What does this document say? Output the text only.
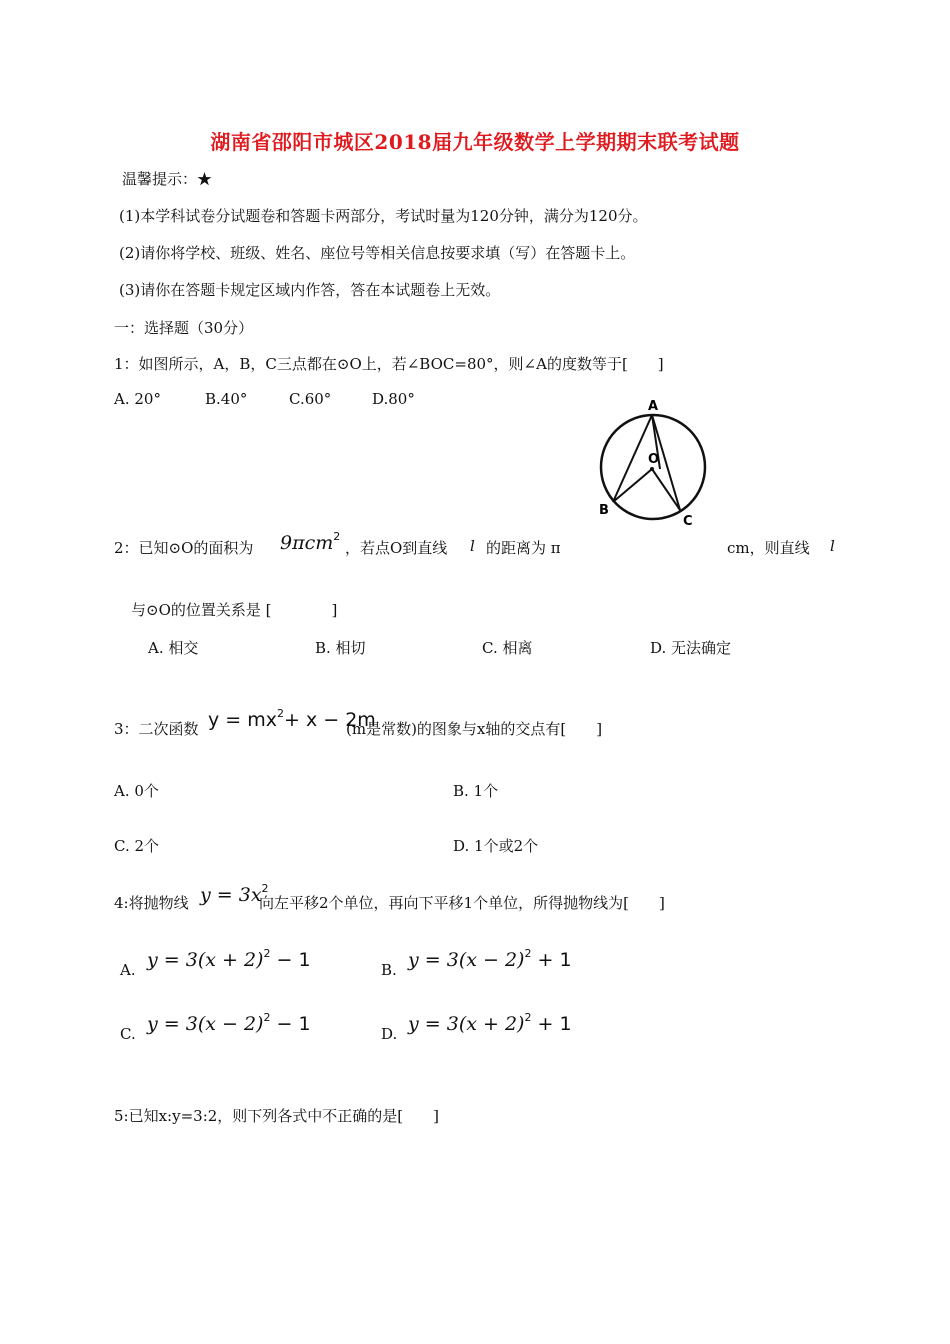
湖南省邵阳市城区2018届九年级数学上学期期末联考试题
温馨提示：★
(1)本学科试卷分试题卷和答题卡两部分，考试时量为120分钟，满分为120分。
(2)请你将学校、班级、姓名、座位号等相关信息按要求填（写）在答题卡上。
(3)请你在答题卡规定区域内作答，答在本试题卷上无效。
一：选择题（30分）
1：如图所示，A，B，C三点都在⊙O上，若∠BOC=80°，则∠A的度数等于[　　]
A. 20°	B.40°	C.60°	D.80°	A
O
B
C
2：已知⊙O的面积为 9πcm$^2$
，若点O到直线 l 的距离为 π	cm，则直线 l
与⊙O的位置关系是 [　　　　]
A. 相交	B. 相切	C. 相离	D. 无法确定
3：二次函数 $y = mx^2+ x - 2m$
(m是常数)的图象与x轴的交点有[　　]
A. 0个	B. 1个
C. 2个	D. 1个或2个
4:将抛物线 $y = 3x^2$
向左平移2个单位，再向下平移1个单位，所得抛物线为[　　]
A. $y = 3(x + 2)^2 - 1$	B. $y = 3(x - 2)^2 + 1$
C. $y = 3(x - 2)^2 - 1$	D. $y = 3(x + 2)^2 + 1$
5:已知x:y=3:2，则下列各式中不正确的是[　　]
